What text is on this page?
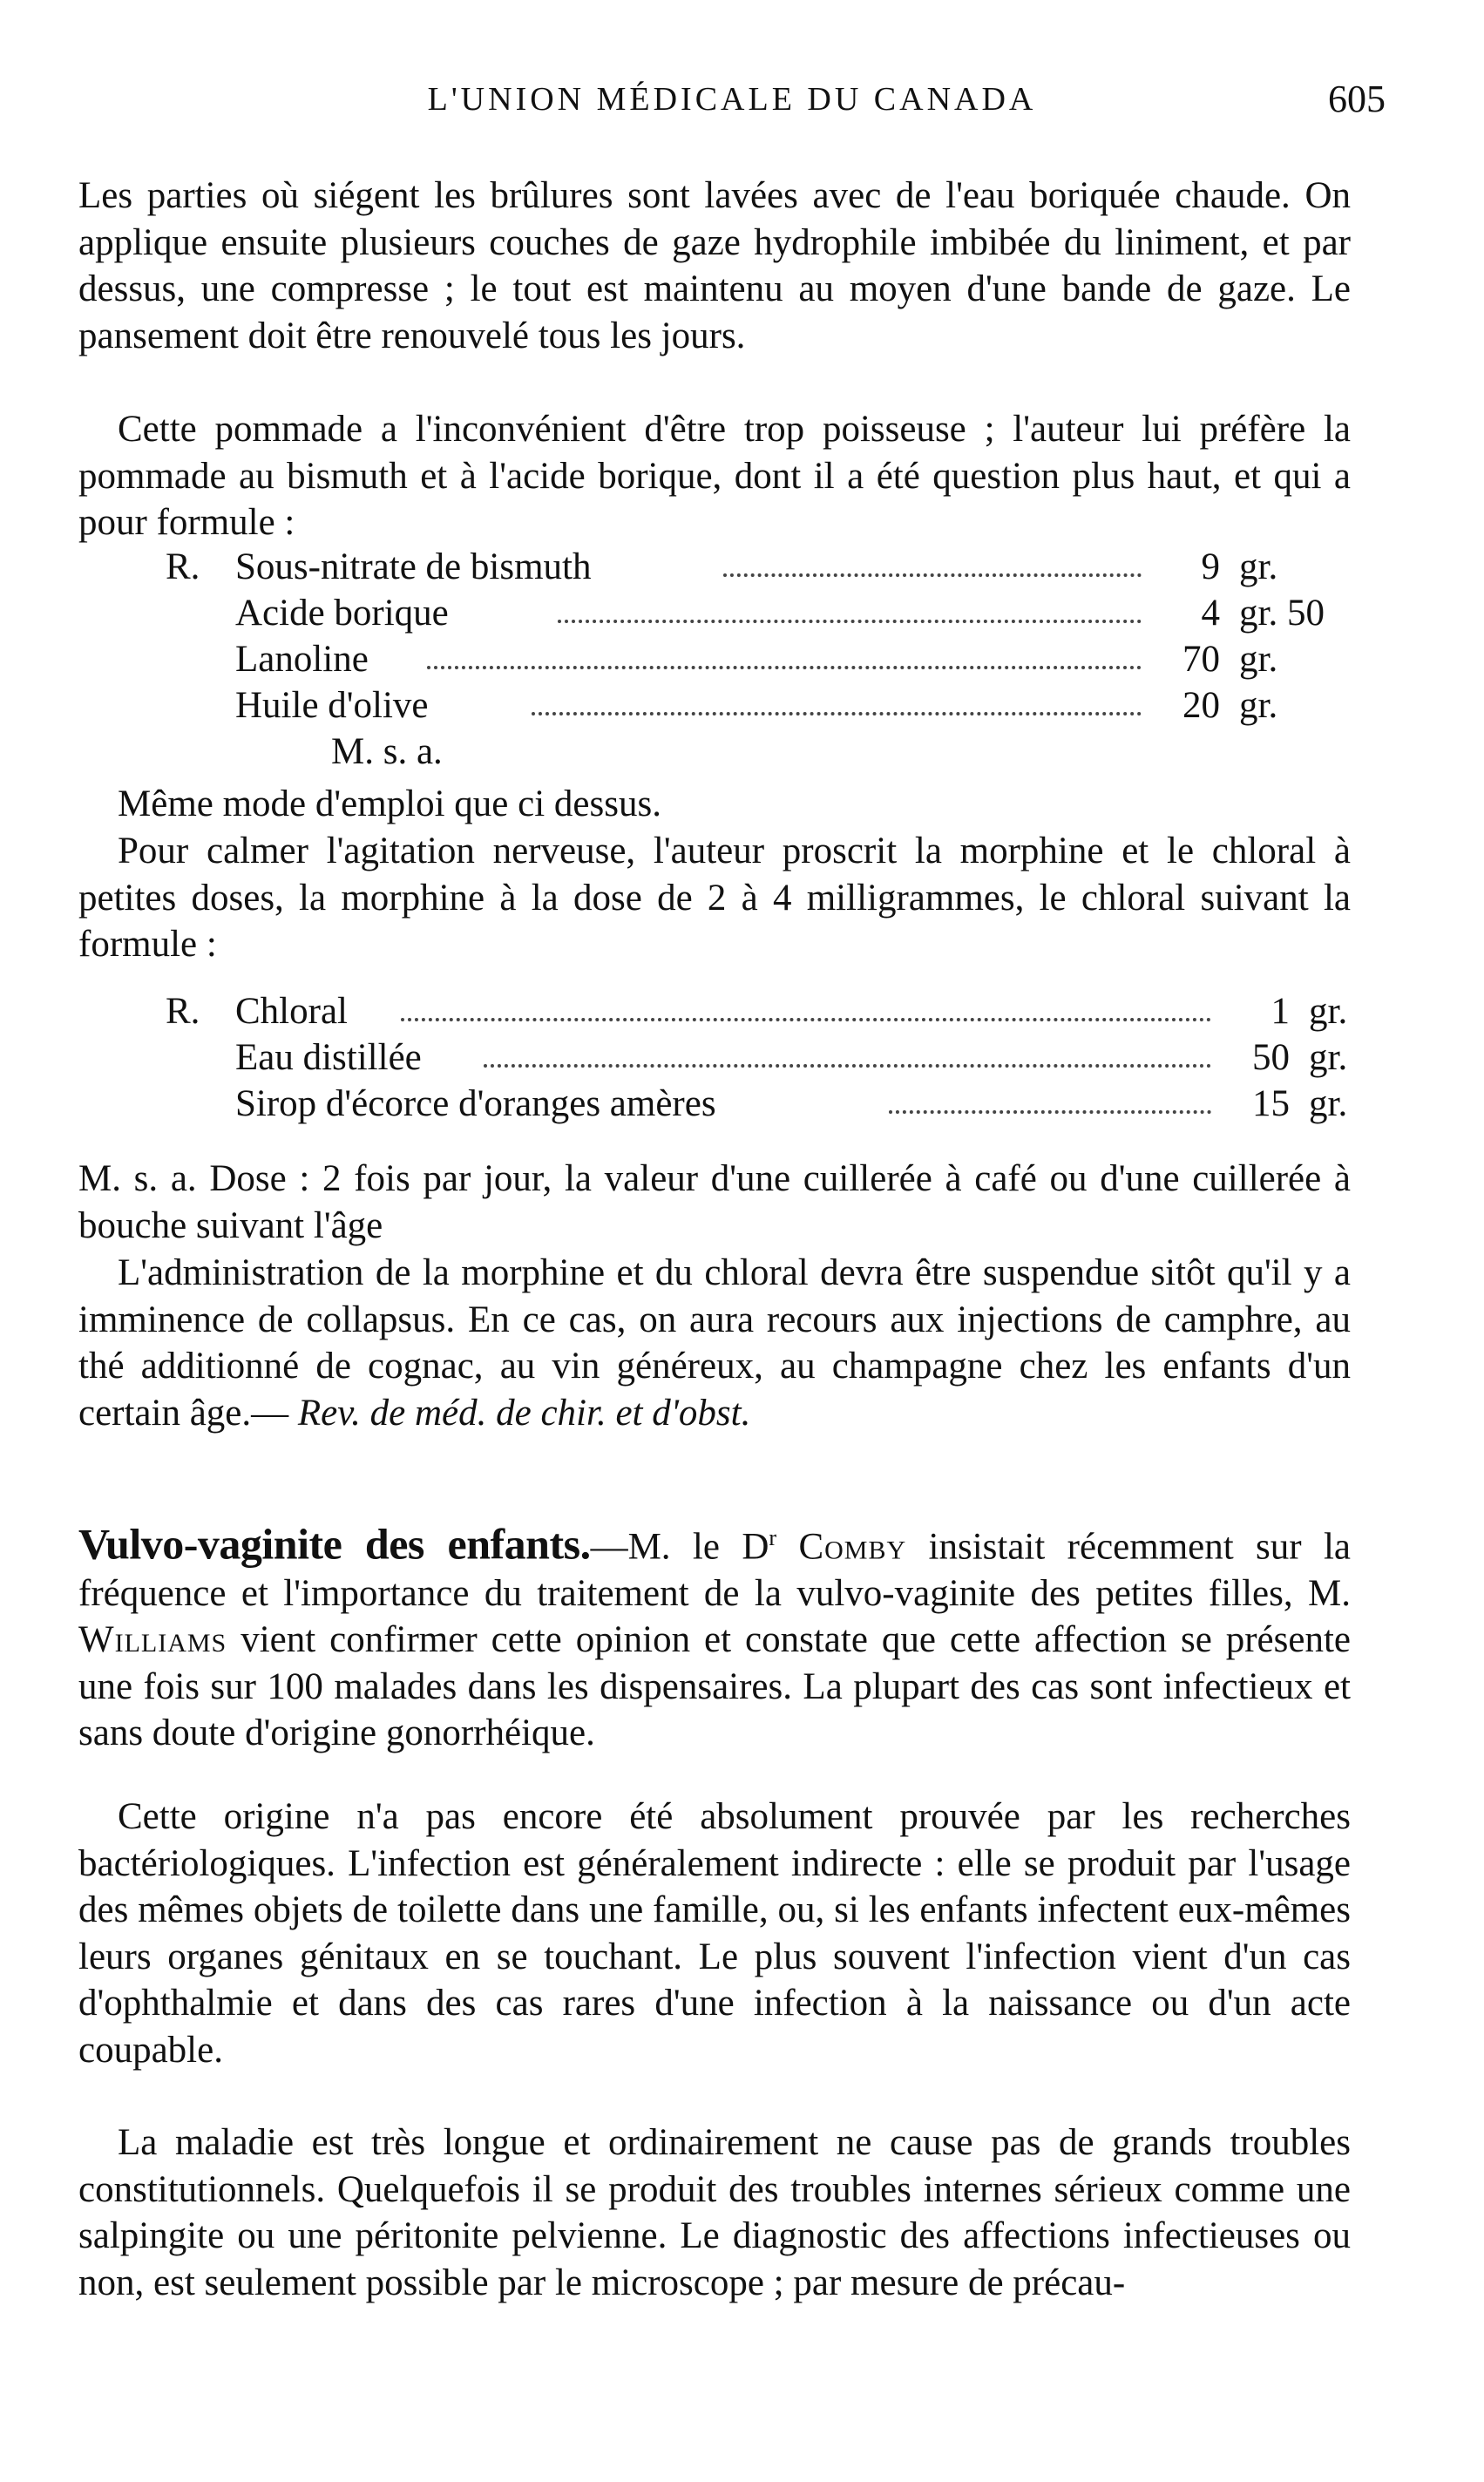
L'UNION MÉDICALE DU CANADA	605

Les parties où siégent les brûlures sont lavées avec de l'eau boriquée chaude. On applique ensuite plusieurs couches de gaze hydrophile imbibée du liniment, et par dessus, une compresse ; le tout est maintenu au moyen d'une bande de gaze. Le pansement doit être renouvelé tous les jours.

Cette pommade a l'inconvénient d'être trop poisseuse ; l'auteur lui préfère la pommade au bismuth et à l'acide borique, dont il a été question plus haut, et qui a pour formule :

R. Sous-nitrate de bismuth	9 gr.
Acide borique	4 gr. 50
Lanoline	70 gr.
Huile d'olive	20 gr.
M. s. a.

Même mode d'emploi que ci dessus.

Pour calmer l'agitation nerveuse, l'auteur proscrit la morphine et le chloral à petites doses, la morphine à la dose de 2 à 4 milligrammes, le chloral suivant la formule :

R. Chloral	1 gr.
Eau distillée	50 gr.
Sirop d'écorce d'oranges amères	15 gr.

M. s. a. Dose : 2 fois par jour, la valeur d'une cuillerée à café ou d'une cuillerée à bouche suivant l'âge

L'administration de la morphine et du chloral devra être suspendue sitôt qu'il y a imminence de collapsus. En ce cas, on aura recours aux injections de camphre, au thé additionné de cognac, au vin généreux, au champagne chez les enfants d'un certain âge.— Rev. de méd. de chir. et d'obst.

Vulvo-vaginite des enfants.—M. le $D^r$ Comby insistait récemment sur la fréquence et l'importance du traitement de la vulvo-vaginite des petites filles, M. Williams vient confirmer cette opinion et constate que cette affection se présente une fois sur 100 malades dans les dispensaires. La plupart des cas sont infectieux et sans doute d'origine gonorrhéique.

Cette origine n'a pas encore été absolument prouvée par les recherches bactériologiques. L'infection est généralement indirecte : elle se produit par l'usage des mêmes objets de toilette dans une famille, ou, si les enfants infectent eux-mêmes leurs organes génitaux en se touchant. Le plus souvent l'infection vient d'un cas d'ophthalmie et dans des cas rares d'une infection à la naissance ou d'un acte coupable.

La maladie est très longue et ordinairement ne cause pas de grands troubles constitutionnels. Quelquefois il se produit des troubles internes sérieux comme une salpingite ou une péritonite pelvienne. Le diagnostic des affections infectieuses ou non, est seulement possible par le microscope ; par mesure de précau-
